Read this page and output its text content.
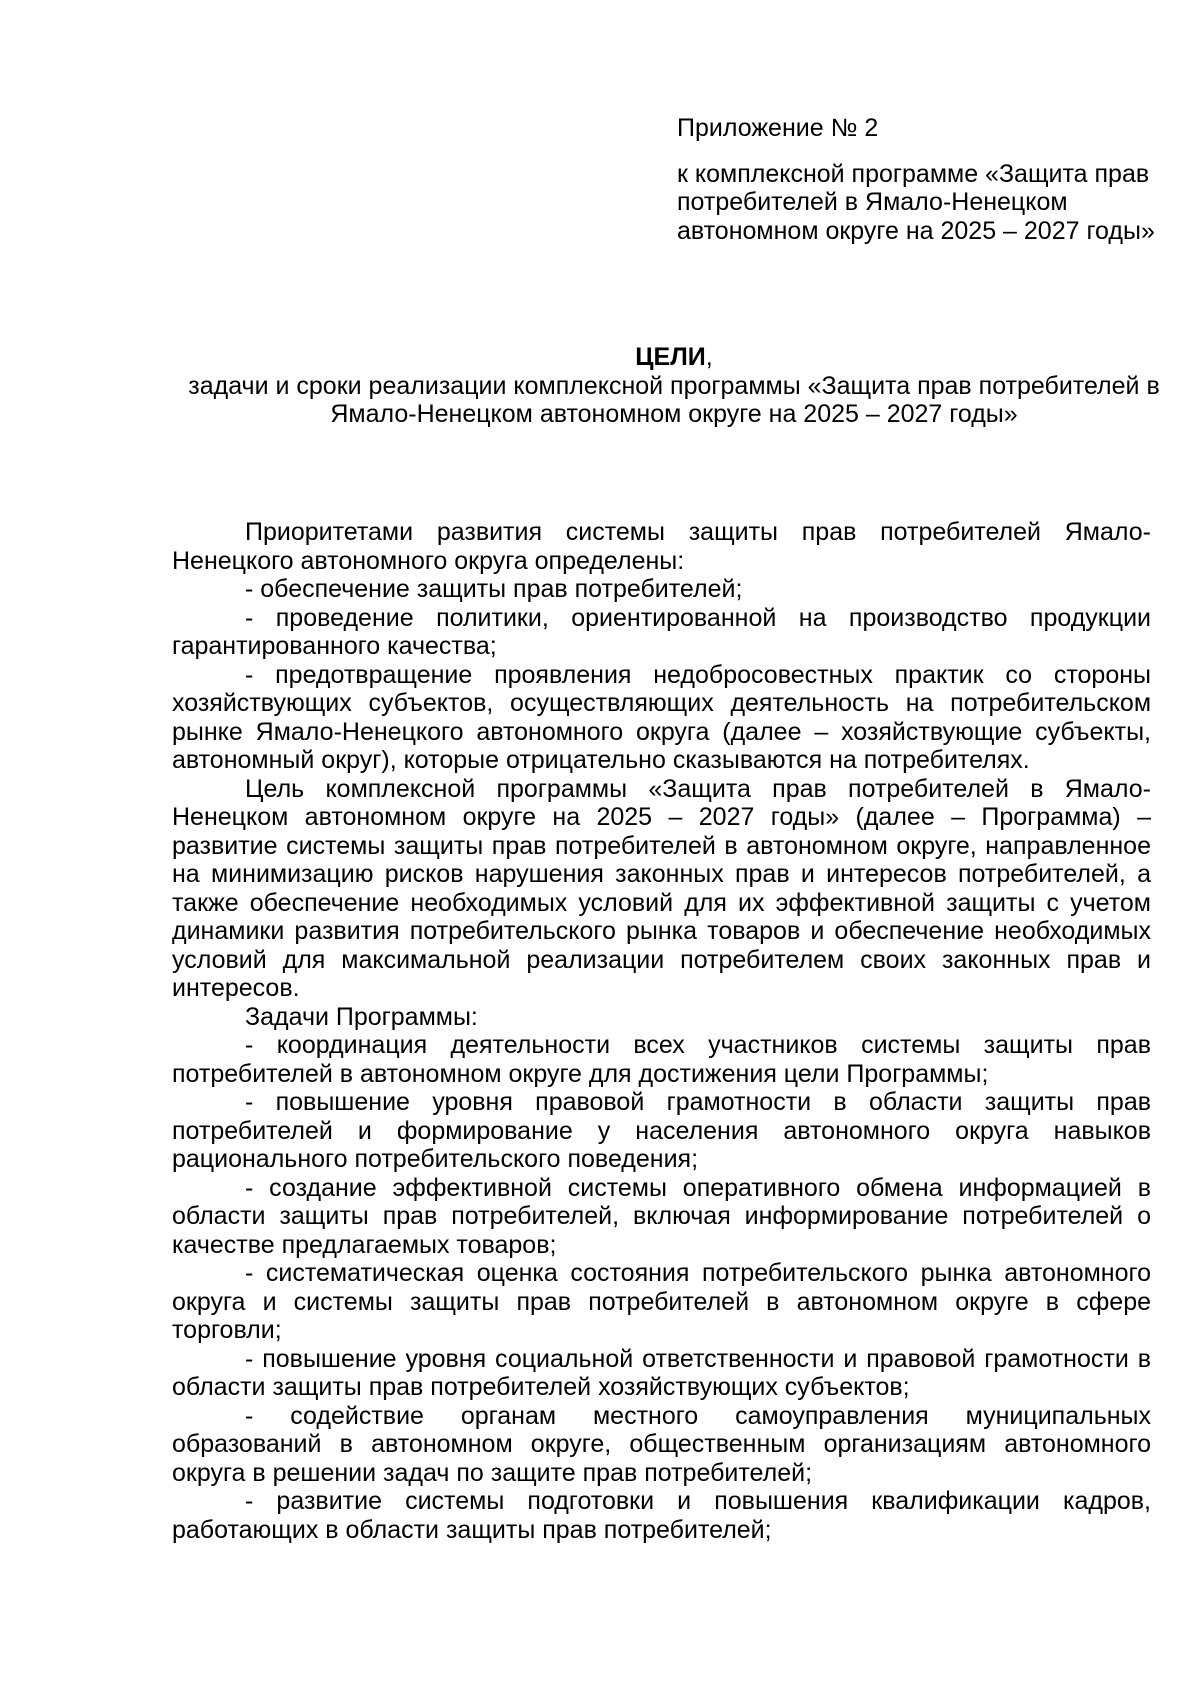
Приложение № 2

к комплексной программе «Защита прав потребителей в Ямало-Ненецком автономном округе на 2025 – 2027 годы»

ЦЕЛИ,

задачи и сроки реализации комплексной программы «Защита прав потребителей в Ямало-Ненецком автономном округе на 2025 – 2027 годы»

Приоритетами развития системы защиты прав потребителей Ямало-Ненецкого автономного округа определены:

- обеспечение защиты прав потребителей;

- проведение политики, ориентированной на производство продукции гарантированного качества;

- предотвращение проявления недобросовестных практик со стороны хозяйствующих субъектов, осуществляющих деятельность на потребительском рынке Ямало-Ненецкого автономного округа (далее – хозяйствующие субъекты, автономный округ), которые отрицательно сказываются на потребителях.

Цель комплексной программы «Защита прав потребителей в Ямало-Ненецком автономном округе на 2025 – 2027 годы» (далее – Программа) – развитие системы защиты прав потребителей в автономном округе, направленное на минимизацию рисков нарушения законных прав и интересов потребителей, а также обеспечение необходимых условий для их эффективной защиты с учетом динамики развития потребительского рынка товаров и обеспечение необходимых условий для максимальной реализации потребителем своих законных прав и интересов.

Задачи Программы:

- координация деятельности всех участников системы защиты прав потребителей в автономном округе для достижения цели Программы;

- повышение уровня правовой грамотности в области защиты прав потребителей и формирование у населения автономного округа навыков рационального потребительского поведения;

- создание эффективной системы оперативного обмена информацией в области защиты прав потребителей, включая информирование потребителей о качестве предлагаемых товаров;

- систематическая оценка состояния потребительского рынка автономного округа и системы защиты прав потребителей в автономном округе в сфере торговли;

- повышение уровня социальной ответственности и правовой грамотности в области защиты прав потребителей хозяйствующих субъектов;

- содействие органам местного самоуправления муниципальных образований в автономном округе, общественным организациям автономного округа в решении задач по защите прав потребителей;

- развитие системы подготовки и повышения квалификации кадров, работающих в области защиты прав потребителей;
